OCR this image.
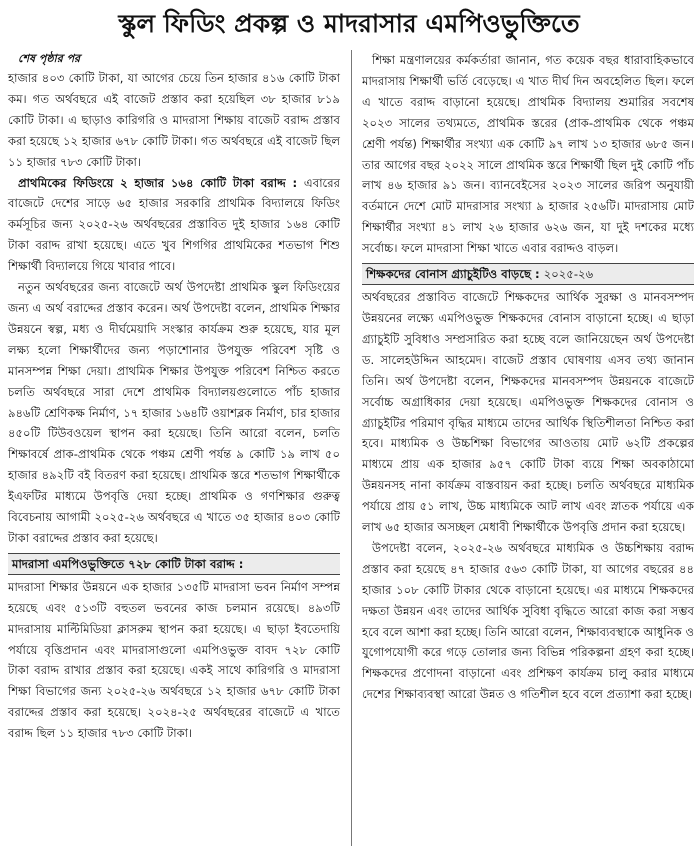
স্কুল ফিডিং প্রকল্প ও মাদরাসার এমপিওভুক্তিতে

শেষ পৃষ্ঠার পর

হাজার ৪০৩ কোটি টাকা, যা আগের চেয়ে তিন হাজার ৪১৬ কোটি টাকা কম। গত অর্থবছরে এই বাজেট প্রস্তাব করা হয়েছিল ৩৮ হাজার ৮১৯ কোটি টাকা। এ ছাড়াও কারিগরি ও মাদরাসা শিক্ষায় বাজেট বরাদ্দ প্রস্তাব করা হয়েছে ১২ হাজার ৬৭৮ কোটি টাকা। গত অর্থবছরে এই বাজেট ছিল ১১ হাজার ৭৮৩ কোটি টাকা।

প্রাথমিকের ফিডিংয়ে ২ হাজার ১৬৪ কোটি টাকা বরাদ্দ : এবারের বাজেটে দেশের সাড়ে ৬৫ হাজার সরকারি প্রাথমিক বিদ্যালয়ে ফিডিং কর্মসূচির জন্য ২০২৫-২৬ অর্থবছরের প্রস্তাবিত দুই হাজার ১৬৪ কোটি টাকা বরাদ্দ রাখা হয়েছে। এতে খুব শিগগির প্রাথমিকের শতভাগ শিশু শিক্ষার্থী বিদ্যালয়ে গিয়ে খাবার পাবে।

নতুন অর্থবছরের জন্য বাজেটে অর্থ উপদেষ্টা প্রাথমিক স্কুল ফিডিংয়ের জন্য এ অর্থ বরাদ্দের প্রস্তাব করেন। অর্থ উপদেষ্টা বলেন, প্রাথমিক শিক্ষার উন্নয়নে স্বল্প, মধ্য ও দীর্ঘমেয়াদি সংস্কার কার্যক্রম শুরু হয়েছে, যার মূল লক্ষ্য হলো শিক্ষার্থীদের জন্য পড়াশোনার উপযুক্ত পরিবেশ সৃষ্টি ও মানসম্পন্ন শিক্ষা দেয়া। প্রাথমিক শিক্ষার উপযুক্ত পরিবেশ নিশ্চিত করতে চলতি অর্থবছরে সারা দেশে প্রাথমিক বিদ্যালয়গুলোতে পাঁচ হাজার ৯৪৬টি শ্রেণিকক্ষ নির্মাণ, ১৭ হাজার ১৬৪টি ওয়াশব্লক নির্মাণ, চার হাজার ৪৫০টি টিউবওয়েল স্থাপন করা হয়েছে। তিনি আরো বলেন, চলতি শিক্ষাবর্ষে প্রাক-প্রাথমিক থেকে পঞ্চম শ্রেণী পর্যন্ত ৯ কোটি ১৯ লাখ ৫০ হাজার ৪৯২টি বই বিতরণ করা হয়েছে। প্রাথমিক স্তরে শতভাগ শিক্ষার্থীকে ইএফটির মাধ্যমে উপবৃত্তি দেয়া হচ্ছে। প্রাথমিক ও গণশিক্ষার গুরুত্ব বিবেচনায় আগামী ২০২৫-২৬ অর্থবছরে এ খাতে ৩৫ হাজার ৪০৩ কোটি টাকা বরাদ্দের প্রস্তাব করা হয়েছে।

মাদরাসা এমপিওভুক্তিতে ৭২৮ কোটি টাকা বরাদ্দ :

মাদরাসা শিক্ষার উন্নয়নে এক হাজার ১৩৫টি মাদরাসা ভবন নির্মাণ সম্পন্ন হয়েছে এবং ৫১৩টি বহুতল ভবনের কাজ চলমান রয়েছে। ৪৯৩টি মাদরাসায় মাল্টিমিডিয়া ক্লাসরুম স্থাপন করা হয়েছে। এ ছাড়া ইবতেদায়ি পর্যায়ে বৃত্তিপ্রদান এবং মাদরাসাগুলো এমপিওভুক্ত বাবদ ৭২৮ কোটি টাকা বরাদ্দ রাখার প্রস্তাব করা হয়েছে। একই সাথে কারিগরি ও মাদরাসা শিক্ষা বিভাগের জন্য ২০২৫-২৬ অর্থবছরে ১২ হাজার ৬৭৮ কোটি টাকা বরাদ্দের প্রস্তাব করা হয়েছে। ২০২৪-২৫ অর্থবছরের বাজেটে এ খাতে বরাদ্দ ছিল ১১ হাজার ৭৮৩ কোটি টাকা।

শিক্ষা মন্ত্রণালয়ের কর্মকর্তারা জানান, গত কয়েক বছর ধারাবাহিকভাবে মাদরাসায় শিক্ষার্থী ভর্তি বেড়েছে। এ খাত দীর্ঘ দিন অবহেলিত ছিল। ফলে এ খাতে বরাদ্দ বাড়ানো হয়েছে। প্রাথমিক বিদ্যালয় শুমারির সবশেষ ২০২৩ সালের তথ্যমতে, প্রাথমিক স্তরের (প্রাক-প্রাথমিক থেকে পঞ্চম শ্রেণী পর্যন্ত) শিক্ষার্থীর সংখ্যা এক কোটি ৯৭ লাখ ১৩ হাজার ৬৮৫ জন। তার আগের বছর ২০২২ সালে প্রাথমিক স্তরে শিক্ষার্থী ছিল দুই কোটি পাঁচ লাখ ৪৬ হাজার ৯১ জন। ব্যানবেইসের ২০২৩ সালের জরিপ অনুযায়ী বর্তমানে দেশে মোট মাদরাসার সংখ্যা ৯ হাজার ২৫৬টি। মাদরাসায় মোট শিক্ষার্থীর সংখ্যা ৪১ লাখ ২৬ হাজার ৬২৬ জন, যা দুই দশকের মধ্যে সর্বোচ্চ। ফলে মাদরাসা শিক্ষা খাতে এবার বরাদ্দও বাড়ল।

শিক্ষকদের বোনাস গ্র্যাচুইটিও বাড়ছে : ২০২৫-২৬

অর্থবছরের প্রস্তাবিত বাজেটে শিক্ষকদের আর্থিক সুরক্ষা ও মানবসম্পদ উন্নয়নের লক্ষ্যে এমপিওভুক্ত শিক্ষকদের বোনাস বাড়ানো হচ্ছে। এ ছাড়া গ্র্যাচুইটি সুবিধাও সম্প্রসারিত করা হচ্ছে বলে জানিয়েছেন অর্থ উপদেষ্টা ড. সালেহউদ্দিন আহমেদ। বাজেট প্রস্তাব ঘোষণায় এসব তথ্য জানান তিনি। অর্থ উপদেষ্টা বলেন, শিক্ষকদের মানবসম্পদ উন্নয়নকে বাজেটে সর্বোচ্চ অগ্রাধিকার দেয়া হয়েছে। এমপিওভুক্ত শিক্ষকদের বোনাস ও গ্র্যাচুইটির পরিমাণ বৃদ্ধির মাধ্যমে তাদের আর্থিক স্থিতিশীলতা নিশ্চিত করা হবে। মাধ্যমিক ও উচ্চশিক্ষা বিভাগের আওতায় মোট ৬২টি প্রকল্পের মাধ্যমে প্রায় এক হাজার ৯৫৭ কোটি টাকা ব্যয়ে শিক্ষা অবকাঠামো উন্নয়নসহ নানা কার্যক্রম বাস্তবায়ন করা হচ্ছে। চলতি অর্থবছরে মাধ্যমিক পর্যায়ে প্রায় ৫১ লাখ, উচ্চ মাধ্যমিকে আট লাখ এবং স্নাতক পর্যায়ে এক লাখ ৬৫ হাজার অসচ্ছল মেধাবী শিক্ষার্থীকে উপবৃত্তি প্রদান করা হয়েছে।

উপদেষ্টা বলেন, ২০২৫-২৬ অর্থবছরে মাধ্যমিক ও উচ্চশিক্ষায় বরাদ্দ প্রস্তাব করা হয়েছে ৪৭ হাজার ৫৬৩ কোটি টাকা, যা আগের বছরের ৪৪ হাজার ১০৮ কোটি টাকার থেকে বাড়ানো হয়েছে। এর মাধ্যমে শিক্ষকদের দক্ষতা উন্নয়ন এবং তাদের আর্থিক সুবিধা বৃদ্ধিতে আরো কাজ করা সম্ভব হবে বলে আশা করা হচ্ছে। তিনি আরো বলেন, শিক্ষাব্যবস্থাকে আধুনিক ও যুগোপযোগী করে গড়ে তোলার জন্য বিভিন্ন পরিকল্পনা গ্রহণ করা হচ্ছে। শিক্ষকদের প্রণোদনা বাড়ানো এবং প্রশিক্ষণ কার্যক্রম চালু করার মাধ্যমে দেশের শিক্ষাব্যবস্থা আরো উন্নত ও গতিশীল হবে বলে প্রত্যাশা করা হচ্ছে।
